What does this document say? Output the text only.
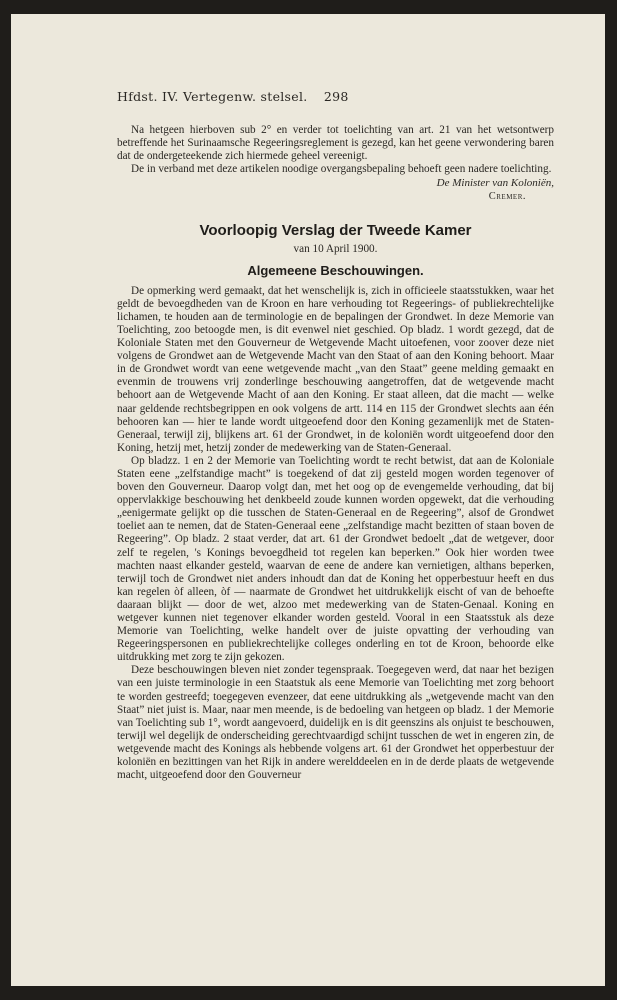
Hfdst. IV. Vertegenw. stelsel. 298

Na hetgeen hierboven sub 2° en verder tot toelichting van art. 21 van het wetsontwerp betreffende het Surinaamsche Regeeringsreglement is gezegd, kan het geene verwondering baren dat de ondergeteekende zich hiermede geheel vereenigt.

De in verband met deze artikelen noodige overgangsbepaling behoeft geen nadere toelichting.

De Minister van Koloniën,
Cremer.
Voorloopig Verslag der Tweede Kamer
van 10 April 1900.
Algemeene Beschouwingen.

De opmerking werd gemaakt, dat het wenschelijk is, zich in officieele staatsstukken, waar het geldt de bevoegdheden van de Kroon en hare verhouding tot Regeerings- of publiekrechtelijke lichamen, te houden aan de terminologie en de bepalingen der Grondwet. In deze Memorie van Toelichting, zoo betoogde men, is dit evenwel niet geschied. Op bladz. 1 wordt gezegd, dat de Koloniale Staten met den Gouverneur de Wetgevende Macht uitoefenen, voor zoover deze niet volgens de Grondwet aan de Wetgevende Macht van den Staat of aan den Koning behoort. Maar in de Grondwet wordt van eene wetgevende macht „van den Staat” geene melding gemaakt en evenmin de trouwens vrij zonderlinge beschouwing aangetroffen, dat de wetgevende macht behoort aan de Wetgevende Macht of aan den Koning. Er staat alleen, dat die macht — welke naar geldende rechtsbegrippen en ook volgens de artt. 114 en 115 der Grondwet slechts aan één behooren kan — hier te lande wordt uitgeoefend door den Koning gezamenlijk met de Staten-Generaal, terwijl zij, blijkens art. 61 der Grondwet, in de koloniën wordt uitgeoefend door den Koning, hetzij met, hetzij zonder de medewerking van de Staten-Generaal.

Op bladzz. 1 en 2 der Memorie van Toelichting wordt te recht betwist, dat aan de Koloniale Staten eene „zelfstandige macht” is toegekend of dat zij gesteld mogen worden tegenover of boven den Gouverneur. Daarop volgt dan, met het oog op de evengemelde verhouding, dat bij oppervlakkige beschouwing het denkbeeld zoude kunnen worden opgewekt, dat die verhouding „eenigermate gelijkt op die tusschen de Staten-Generaal en de Regeering”, alsof de Grondwet toeliet aan te nemen, dat de Staten-Generaal eene „zelfstandige macht bezitten of staan boven de Regeering”. Op bladz. 2 staat verder, dat art. 61 der Grondwet bedoelt „dat de wetgever, door zelf te regelen, 's Konings bevoegdheid tot regelen kan beperken.” Ook hier worden twee machten naast elkander gesteld, waarvan de eene de andere kan vernietigen, althans beperken, terwijl toch de Grondwet niet anders inhoudt dan dat de Koning het opperbestuur heeft en dus kan regelen òf alleen, òf — naarmate de Grondwet het uitdrukkelijk eischt of van de behoefte daaraan blijkt — door de wet, alzoo met medewerking van de Staten-Genaal. Koning en wetgever kunnen niet tegenover elkander worden gesteld. Vooral in een Staatsstuk als deze Memorie van Toelichting, welke handelt over de juiste opvatting der verhouding van Regeeringspersonen en publiekrechtelijke colleges onderling en tot de Kroon, behoorde elke uitdrukking met zorg te zijn gekozen.

Deze beschouwingen bleven niet zonder tegenspraak. Toegegeven werd, dat naar het bezigen van een juiste terminologie in een Staatstuk als eene Memorie van Toelichting met zorg behoort te worden gestreefd; toegegeven evenzeer, dat eene uitdrukking als „wetgevende macht van den Staat” niet juist is. Maar, naar men meende, is de bedoeling van hetgeen op bladz. 1 der Memorie van Toelichting sub 1°, wordt aangevoerd, duidelijk en is dit geenszins als onjuist te beschouwen, terwijl wel degelijk de onderscheiding gerechtvaardigd schijnt tusschen de wet in engeren zin, de wetgevende macht des Konings als hebbende volgens art. 61 der Grondwet het opperbestuur der koloniën en bezittingen van het Rijk in andere werelddeelen en in de derde plaats de wetgevende macht, uitgeoefend door den Gouverneur
